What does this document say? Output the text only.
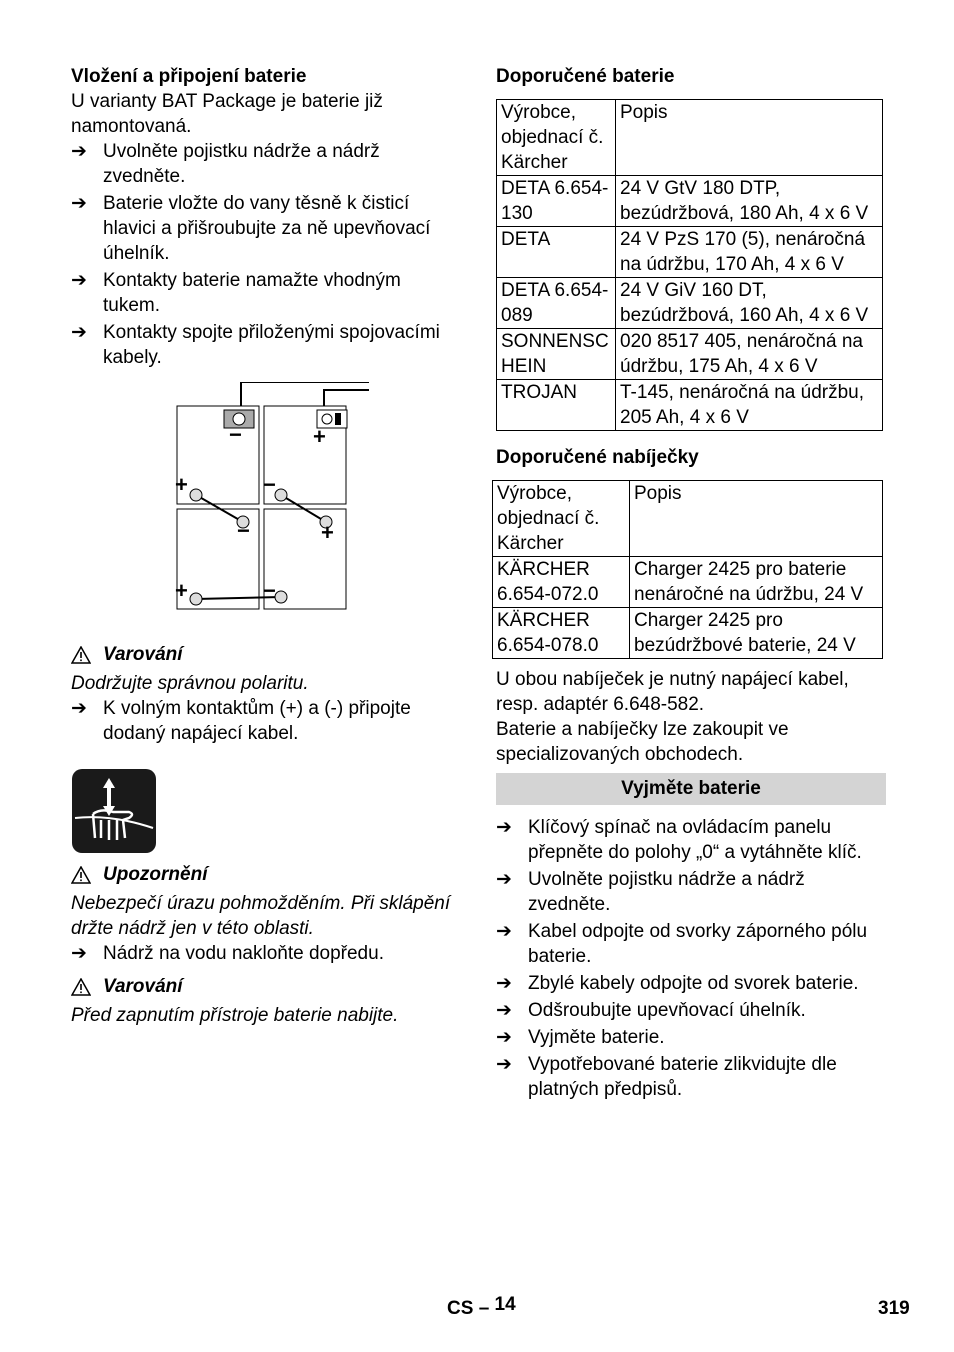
Vložení a připojení baterie

U varianty BAT Package je baterie již namontovaná.

➔ Uvolněte pojistku nádrže a nádrž zvedněte.
➔ Baterie vložte do vany těsně k čisticí hlavici a přišroubujte za ně upevňovací úhelník.
➔ Kontakty baterie namažte vhodným tukem.
➔ Kontakty spojte přiloženými spojovacími kabely.
−	+
+	−
−	+
+	−
Varování

Dodržujte správnou polaritu.

➔ K volným kontaktům (+) a (-) připojte dodaný napájecí kabel.
Upozornění

Nebezpečí úrazu pohmožděním. Při sklápění držte nádrž jen v této oblasti.

➔ Nádrž na vodu nakloňte dopředu.
Varování

Před zapnutím přístroje baterie nabijte.

Doporučené baterie
Výrobce, objednací č. Kärcher	Popis
DETA 6.654-130	24 V GtV 180 DTP, bezúdržbová, 180 Ah, 4 x 6 V
DETA	24 V PzS 170 (5), nenáročná na údržbu, 170 Ah, 4 x 6 V
DETA 6.654-089	24 V GiV 160 DT, bezúdržbová, 160 Ah, 4 x 6 V
SONNENSCHEIN	020 8517 405, nenáročná na údržbu, 175 Ah, 4 x 6 V
TROJAN	T-145, nenáročná na údržbu, 205 Ah, 4 x 6 V
Doporučené nabíječky
Výrobce, objednací č. Kärcher	Popis
KÄRCHER 6.654-072.0	Charger 2425 pro baterie nenáročné na údržbu, 24 V
KÄRCHER 6.654-078.0	Charger 2425 pro bezúdržbové baterie, 24 V

U obou nabíječek je nutný napájecí kabel, resp. adaptér 6.648-582.

Baterie a nabíječky lze zakoupit ve specializovaných obchodech.

Vyjměte baterie
➔ Klíčový spínač na ovládacím panelu přepněte do polohy „0“ a vytáhněte klíč.
➔ Uvolněte pojistku nádrže a nádrž zvedněte.
➔ Kabel odpojte od svorky záporného pólu baterie.
➔ Zbylé kabely odpojte od svorek baterie.
➔ Odšroubujte upevňovací úhelník.
➔ Vyjměte baterie.
➔ Vypotřebované baterie zlikvidujte dle platných předpisů.
CS – 14	319
